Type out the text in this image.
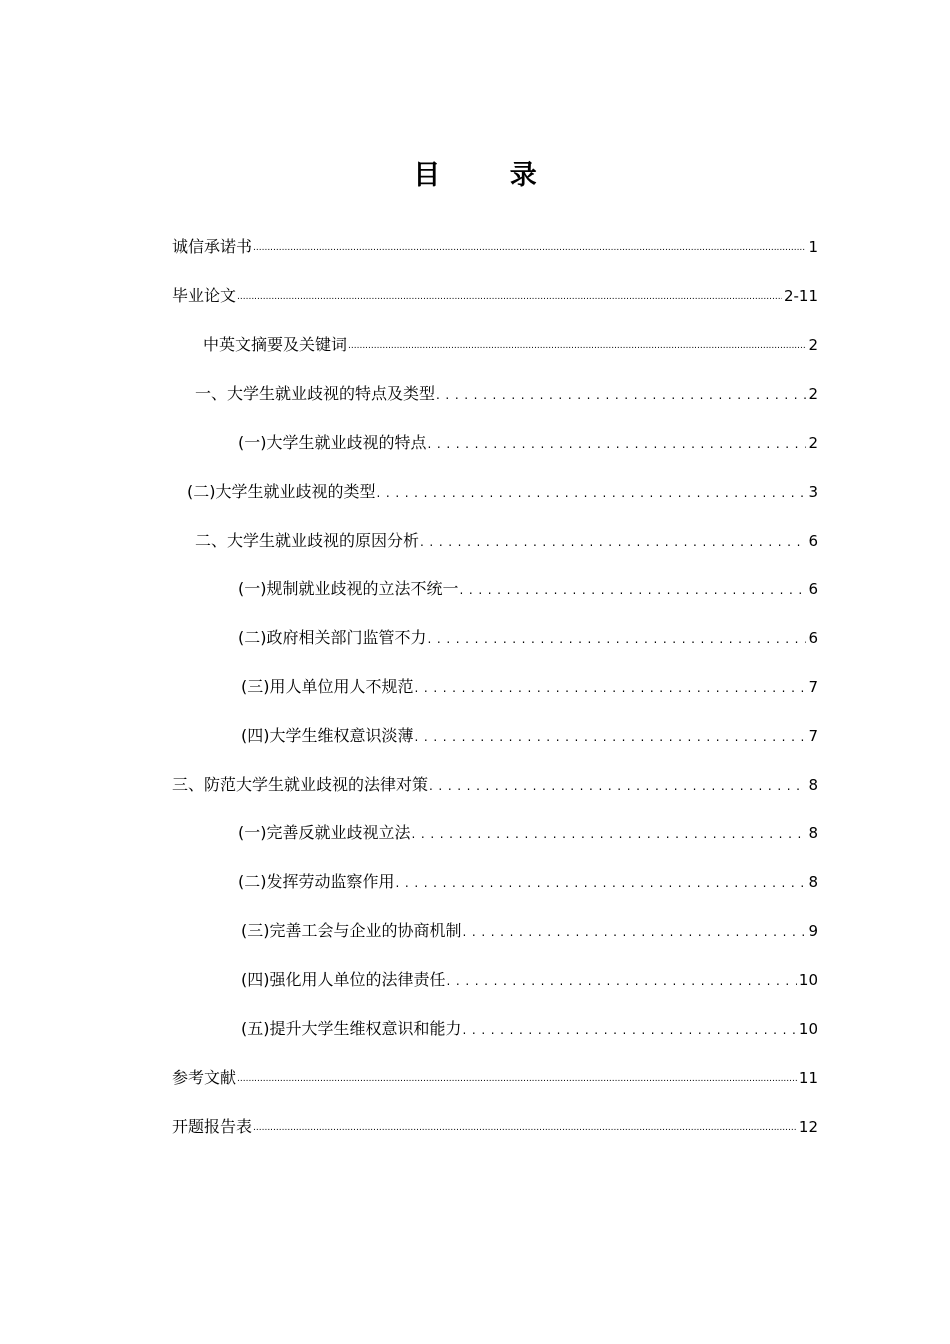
目 录
诚信承诺书 .....	1
毕业论文 .....	2-11
中英文摘要及关键词 .....	2
一、大学生就业歧视的特点及类型 .....	2
(一)大学生就业歧视的特点 .....	2
(二)大学生就业歧视的类型 .....	3
二、大学生就业歧视的原因分析 .....	6
(一)规制就业歧视的立法不统一 .....	6
(二)政府相关部门监管不力 .....	6
(三)用人单位用人不规范 .....	7
(四)大学生维权意识淡薄 .....	7
三、防范大学生就业歧视的法律对策 .....	8
(一)完善反就业歧视立法 .....	8
(二)发挥劳动监察作用 .....	8
(三)完善工会与企业的协商机制 .....	9
(四)强化用人单位的法律责任 .....	10
(五)提升大学生维权意识和能力 .....	10
参考文献 .....	11
开题报告表 .....	12
